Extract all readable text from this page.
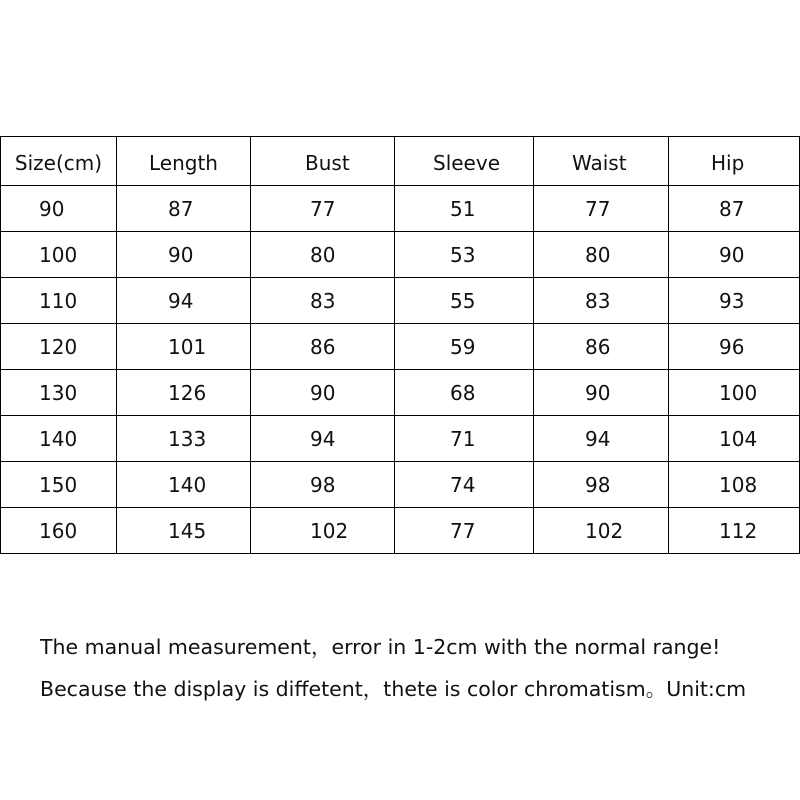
Size(cm)	Length	Bust	Sleeve	Waist	Hip
90	87	77	51	77	87
100	90	80	53	80	90
110	94	83	55	83	93
120	101	86	59	86	96
130	126	90	68	90	100
140	133	94	71	94	104
150	140	98	74	98	108
160	145	102	77	102	112

The manual measurement，error in 1-2cm with the normal range!

Because the display is diffetent，thete is color chromatism。Unit:cm
